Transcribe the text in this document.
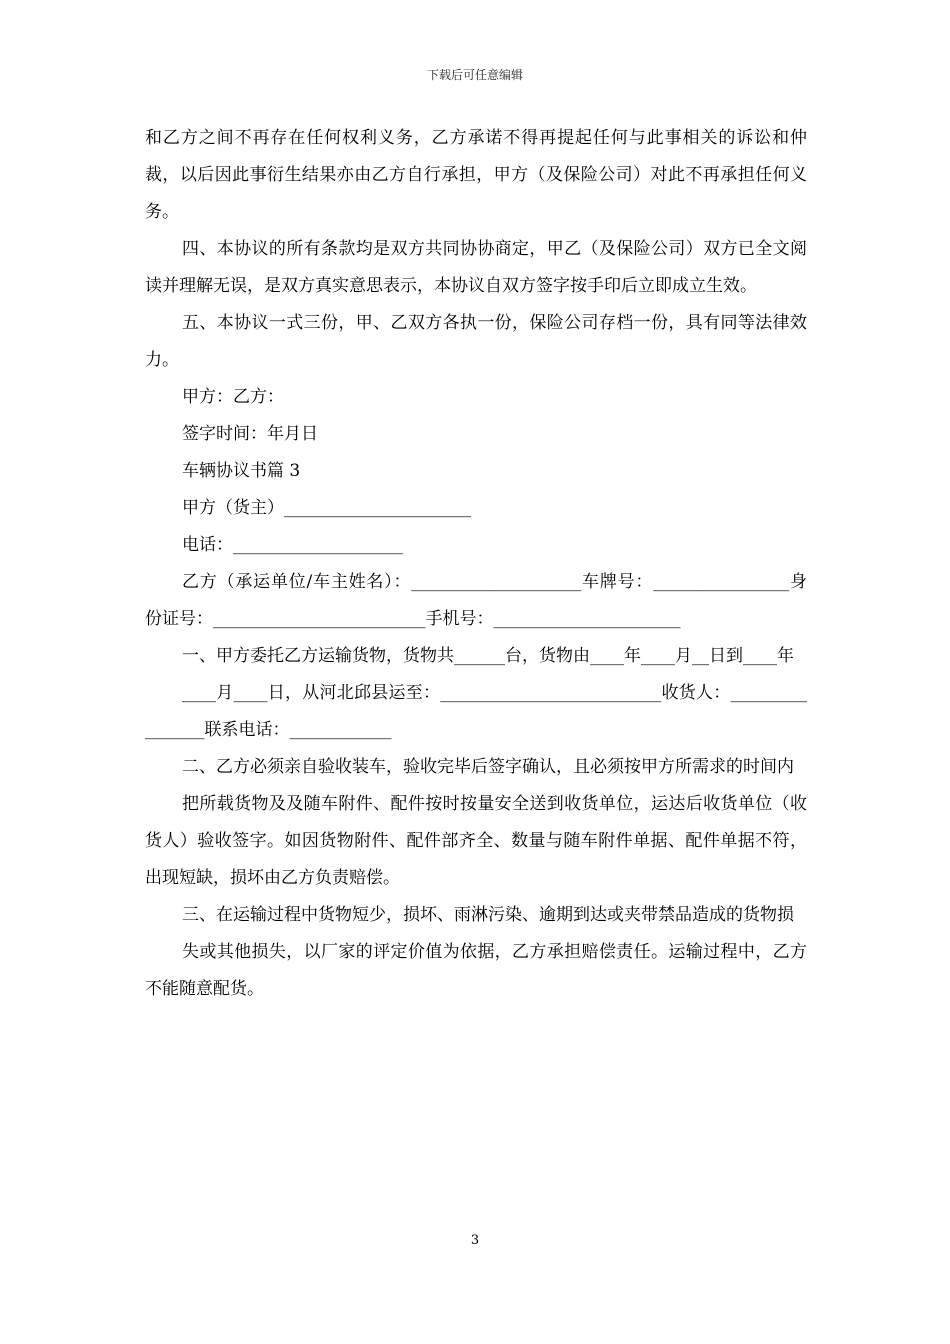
下载后可任意编辑

和乙方之间不再存在任何权利义务，乙方承诺不得再提起任何与此事相关的诉讼和仲裁，以后因此事衍生结果亦由乙方自行承担，甲方（及保险公司）对此不再承担任何义务。

四、本协议的所有条款均是双方共同协协商定，甲乙（及保险公司）双方已全文阅读并理解无误，是双方真实意思表示，本协议自双方签字按手印后立即成立生效。

五、本协议一式三份，甲、乙双方各执一份，保险公司存档一份，具有同等法律效力。

甲方：乙方：

签字时间：年月日

车辆协议书篇 3

甲方（货主）______________________

电话：____________________

乙方（承运单位/车主姓名）：____________________车牌号：________________身份证号：_________________________手机号：______________________

一、甲方委托乙方运输货物，货物共______台，货物由____年____月__日到____年

____月____日，从河北邱县运至：__________________________收货人：________________联系电话：____________

二、乙方必须亲自验收装车，验收完毕后签字确认，且必须按甲方所需求的时间内

把所载货物及及随车附件、配件按时按量安全送到收货单位，运达后收货单位（收货人）验收签字。如因货物附件、配件部齐全、数量与随车附件单据、配件单据不符，出现短缺，损坏由乙方负责赔偿。

三、在运输过程中货物短少，损坏、雨淋污染、逾期到达或夹带禁品造成的货物损

失或其他损失，以厂家的评定价值为依据，乙方承担赔偿责任。运输过程中，乙方不能随意配货。

3
